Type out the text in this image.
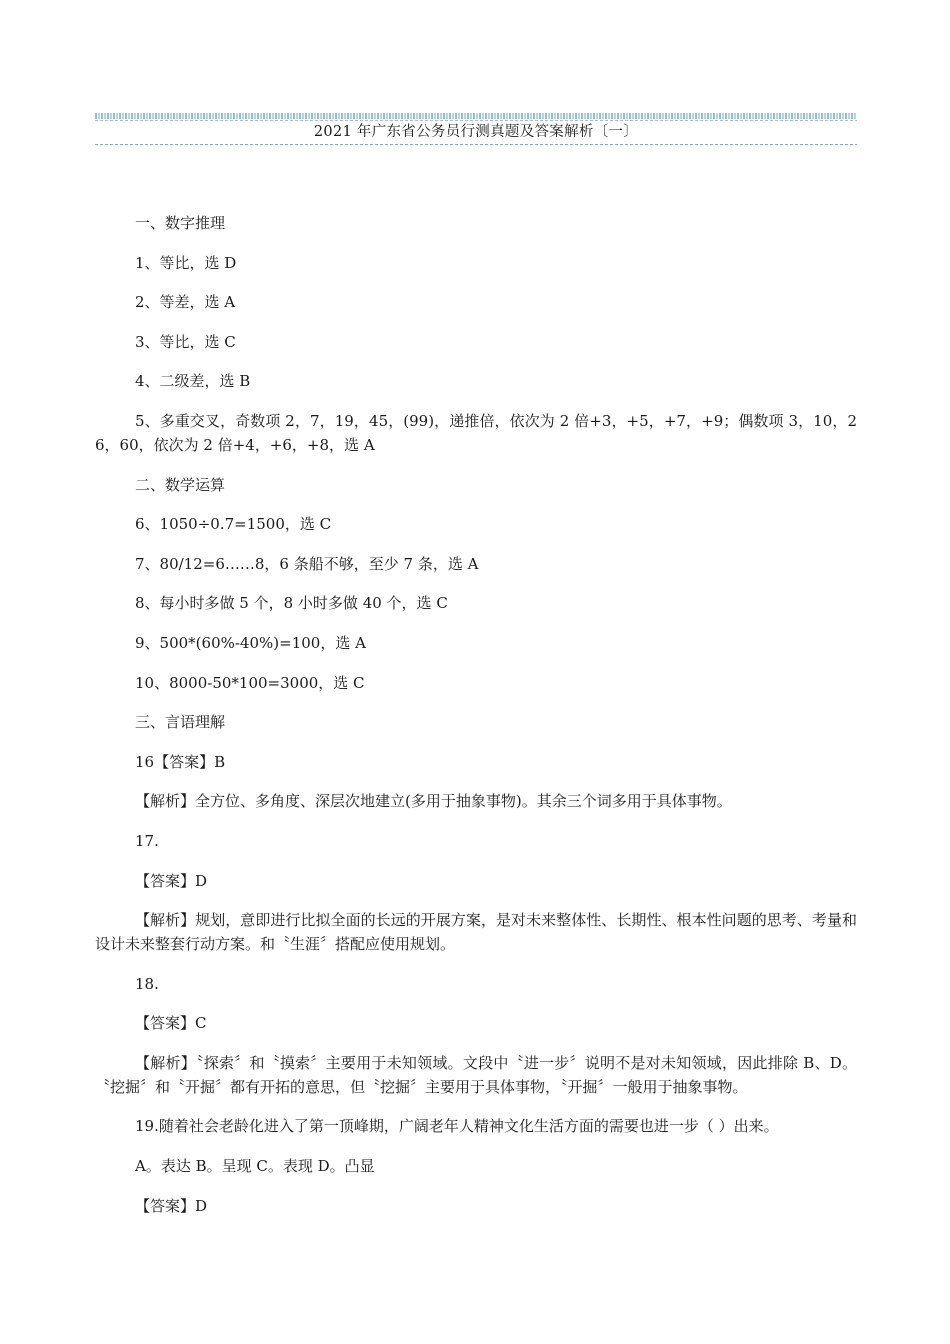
2021 年广东省公务员行测真题及答案解析〔一〕

一、数字推理

1、等比，选 D

2、等差，选 A

3、等比，选 C

4、二级差，选 B

5、多重交叉，奇数项 2，7，19，45，(99)，递推倍，依次为 2 倍+3，+5，+7，+9；偶数项 3，10，26，60，依次为 2 倍+4，+6，+8，选 A

二、数学运算

6、1050÷0.7=1500，选 C

7、80/12=6……8，6 条船不够，至少 7 条，选 A

8、每小时多做 5 个，8 小时多做 40 个，选 C

9、500*(60%-40%)=100，选 A

10、8000-50*100=3000，选 C

三、言语理解

16【答案】B

【解析】全方位、多角度、深层次地建立(多用于抽象事物)。其余三个词多用于具体事物。

17.

【答案】D

【解析】规划，意即进行比拟全面的长远的开展方案，是对未来整体性、长期性、根本性问题的思考、考量和设计未来整套行动方案。和〝生涯〞搭配应使用规划。

18.

【答案】C

【解析】〝探索〞和〝摸索〞主要用于未知领域。文段中〝进一步〞说明不是对未知领域，因此排除 B、D。〝挖掘〞和〝开掘〞都有开拓的意思，但〝挖掘〞主要用于具体事物，〝开掘〞一般用于抽象事物。

19.随着社会老龄化进入了第一顶峰期，广阔老年人精神文化生活方面的需要也进一步（ ）出来。

A。表达 B。呈现 C。表现 D。凸显

【答案】D
